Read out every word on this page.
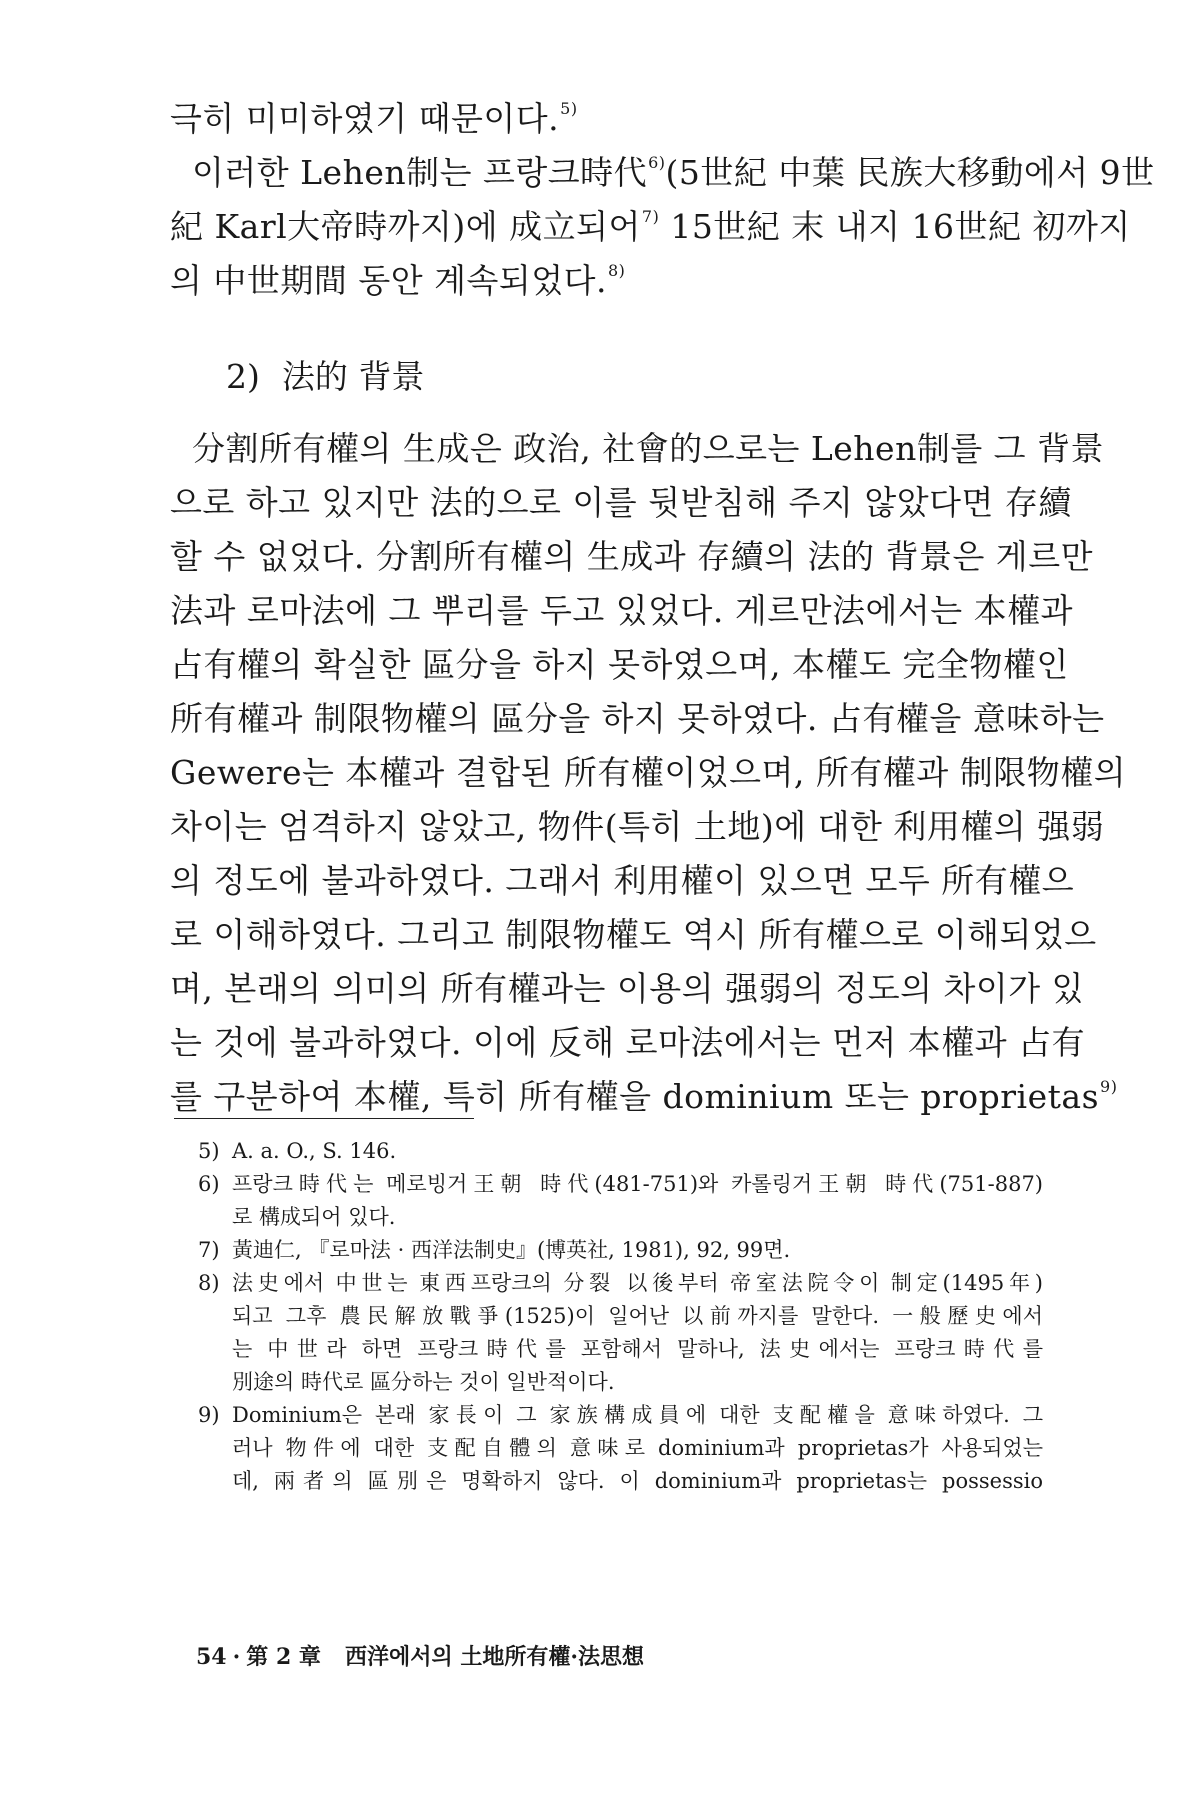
극히 미미하였기 때문이다.$^{5)}$

이러한 Lehen制는 프랑크時代$^{6)}$(5世紀 中葉 民族大移動에서 9世

紀 Karl大帝時까지)에 成立되어$^{7)}$ 15世紀 末 내지 16世紀 初까지

의 中世期間 동안 계속되었다.$^{8)}$

2) 法的 背景

分割所有權의 生成은 政治, 社會的으로는 Lehen制를 그 背景

으로 하고 있지만 法的으로 이를 뒷받침해 주지 않았다면 存續

할 수 없었다. 分割所有權의 生成과 存續의 法的 背景은 게르만

法과 로마法에 그 뿌리를 두고 있었다. 게르만法에서는 本權과

占有權의 확실한 區分을 하지 못하였으며, 本權도 完全物權인

所有權과 制限物權의 區分을 하지 못하였다. 占有權을 意味하는

Gewere는 本權과 결합된 所有權이었으며, 所有權과 制限物權의

차이는 엄격하지 않았고, 物件(특히 土地)에 대한 利用權의 强弱

의 정도에 불과하였다. 그래서 利用權이 있으면 모두 所有權으

로 이해하였다. 그리고 制限物權도 역시 所有權으로 이해되었으

며, 본래의 의미의 所有權과는 이용의 强弱의 정도의 차이가 있

는 것에 불과하였다. 이에 反해 로마法에서는 먼저 本權과 占有

를 구분하여 本權, 특히 所有權을 dominium 또는 proprietas$^{9)}$

5) A. a. O., S. 146.

6) 프랑크時代는 메로빙거王朝 時代(481-751)와 카롤링거王朝 時代(751-887)

로 構成되어 있다.

7) 黃迪仁, 『로마法 · 西洋法制史』(博英社, 1981), 92, 99면.

8) 法史에서 中世는 東西프랑크의 分裂 以後부터 帝室法院令이 制定(1495年)

되고 그후 農民解放戰爭(1525)이 일어난 以前까지를 말한다. 一般歷史에서

는 中世라 하면 프랑크時代를 포함해서 말하나, 法史에서는 프랑크時代를

別途의 時代로 區分하는 것이 일반적이다.

9) Dominium은 본래 家長이 그 家族構成員에 대한 支配權을 意味하였다. 그

러나 物件에 대한 支配自體의 意味로 dominium과 proprietas가 사용되었는

데, 兩者의 區別은 명확하지 않다. 이 dominium과 proprietas는 possessio

54 · 第 2 章 西洋에서의 土地所有權·法思想
